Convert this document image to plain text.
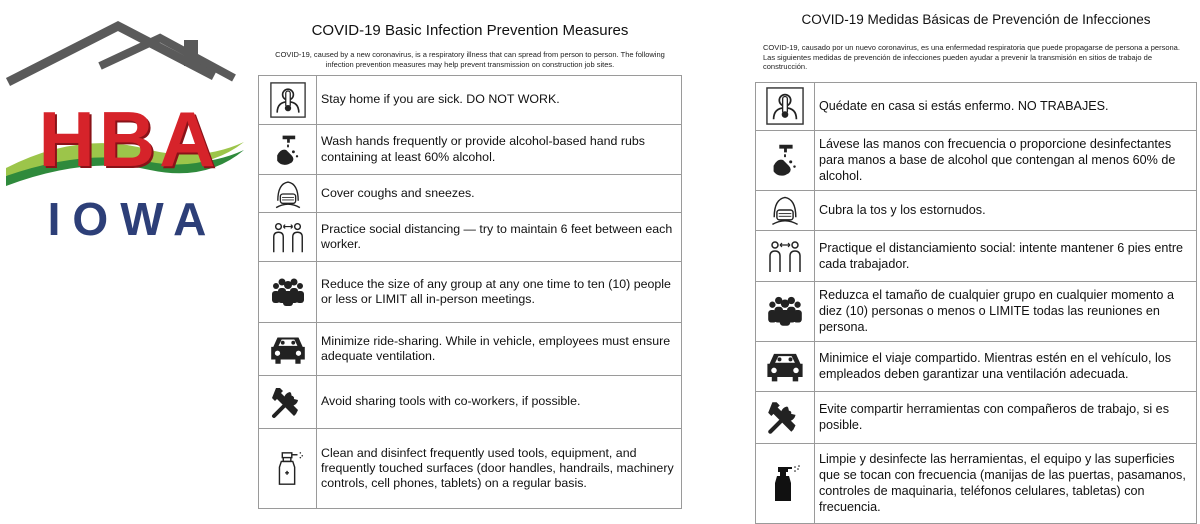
HBA
IOWA
COVID-19 Basic Infection Prevention Measures
COVID-19, caused by a new coronavirus, is a respiratory illness that can spread from person to person. The following infection prevention measures may help prevent transmission on construction job sites.
	Stay home if you are sick. DO NOT WORK.
	Wash hands frequently or provide alcohol-based hand rubs containing at least 60% alcohol.
	Cover coughs and sneezes.
	Practice social distancing — try to maintain 6 feet between each worker.
	Reduce the size of any group at any one time to ten (10) people or less or LIMIT all in-person meetings.
	Minimize ride-sharing. While in vehicle, employees must ensure adequate ventilation.
	Avoid sharing tools with co-workers, if possible.
	Clean and disinfect frequently used tools, equipment, and frequently touched surfaces (door handles, handrails, machinery controls, cell phones, tablets) on a regular basis.
COVID-19 Medidas Básicas de Prevención de Infecciones
COVID-19, causado por un nuevo coronavirus, es una enfermedad respiratoria que puede propagarse de persona a persona. Las siguientes medidas de prevención de infecciones pueden ayudar a prevenir la transmisión en sitios de trabajo de construcción.
	Quédate en casa si estás enfermo. NO TRABAJES.
	Lávese las manos con frecuencia o proporcione desinfectantes para manos a base de alcohol que contengan al menos 60% de alcohol.
	Cubra la tos y los estornudos.
	Practique el distanciamiento social: intente mantener 6 pies entre cada trabajador.
	Reduzca el tamaño de cualquier grupo en cualquier momento a diez (10) personas o menos o LIMITE todas las reuniones en persona.
	Minimice el viaje compartido. Mientras estén en el vehículo, los empleados deben garantizar una ventilación adecuada.
	Evite compartir herramientas con compañeros de trabajo, si es posible.
	Limpie y desinfecte las herramientas, el equipo y las superficies que se tocan con frecuencia (manijas de las puertas, pasamanos, controles de maquinaria, teléfonos celulares, tabletas) con frecuencia.
